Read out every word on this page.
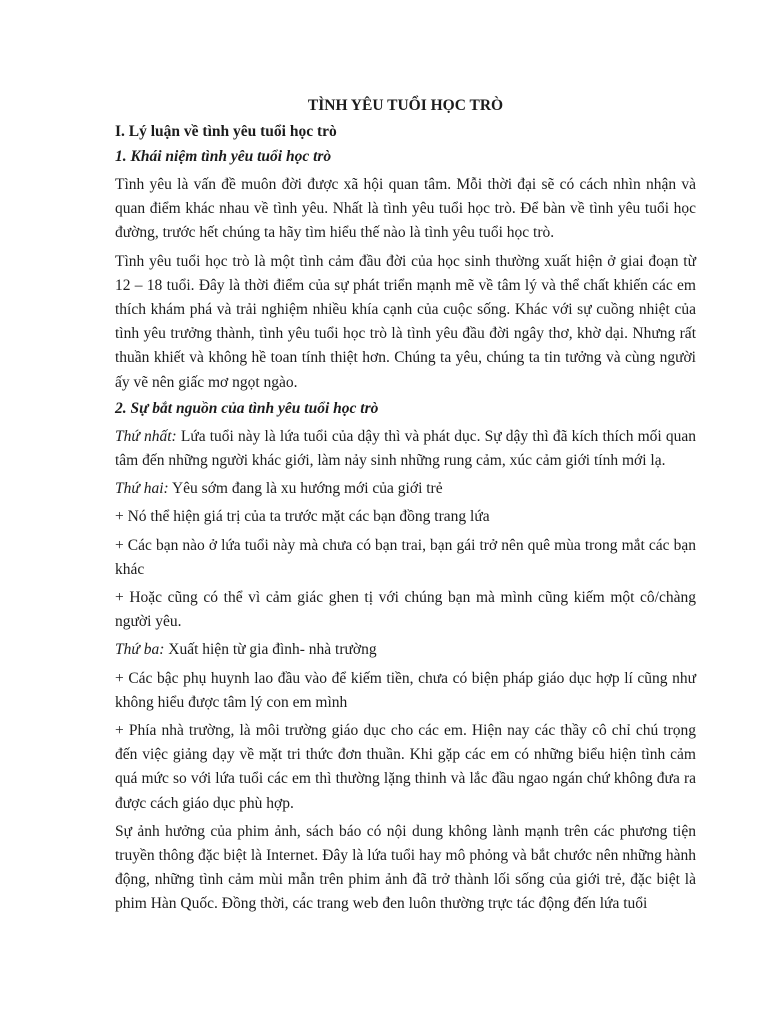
TÌNH YÊU TUỔI HỌC TRÒ
I. Lý luận về tình yêu tuổi học trò
1. Khái niệm tình yêu tuổi học trò

Tình yêu là vấn đề muôn đời được xã hội quan tâm. Mỗi thời đại sẽ có cách nhìn nhận và quan điểm khác nhau về tình yêu. Nhất là tình yêu tuổi học trò. Để bàn về tình yêu tuổi học đường, trước hết chúng ta hãy tìm hiểu thế nào là tình yêu tuổi học trò.

Tình yêu tuổi học trò là một tình cảm đầu đời của học sinh thường xuất hiện ở giai đoạn từ 12 – 18 tuổi. Đây là thời điểm của sự phát triển mạnh mẽ về tâm lý và thể chất khiến các em thích khám phá và trải nghiệm nhiều khía cạnh của cuộc sống. Khác với sự cuồng nhiệt của tình yêu trưởng thành, tình yêu tuổi học trò là tình yêu đầu đời ngây thơ, khờ dại. Nhưng rất thuần khiết và không hề toan tính thiệt hơn. Chúng ta yêu, chúng ta tin tưởng và cùng người ấy vẽ nên giấc mơ ngọt ngào.

2. Sự bắt nguồn của tình yêu tuổi học trò

Thứ nhất: Lứa tuổi này là lứa tuổi của dậy thì và phát dục. Sự dậy thì đã kích thích mối quan tâm đến những người khác giới, làm nảy sinh những rung cảm, xúc cảm giới tính mới lạ.

Thứ hai: Yêu sớm đang là xu hướng mới của giới trẻ

+ Nó thể hiện giá trị của ta trước mặt các bạn đồng trang lứa

+ Các bạn nào ở lứa tuổi này mà chưa có bạn trai, bạn gái trở nên quê mùa trong mắt các bạn khác

+ Hoặc cũng có thể vì cảm giác ghen tị với chúng bạn mà mình cũng kiếm một cô/chàng người yêu.

Thứ ba: Xuất hiện từ gia đình- nhà trường

+ Các bậc phụ huynh lao đầu vào để kiếm tiền, chưa có biện pháp giáo dục hợp lí cũng như không hiểu được tâm lý con em mình

+ Phía nhà trường, là môi trường giáo dục cho các em. Hiện nay các thầy cô chỉ chú trọng đến việc giảng dạy về mặt tri thức đơn thuần. Khi gặp các em có những biểu hiện tình cảm quá mức so với lứa tuổi các em thì thường lặng thinh và lắc đầu ngao ngán chứ không đưa ra được cách giáo dục phù hợp.

Sự ảnh hưởng của phim ảnh, sách báo có nội dung không lành mạnh trên các phương tiện truyền thông đặc biệt là Internet. Đây là lứa tuổi hay mô phỏng và bắt chước nên những hành động, những tình cảm mùi mẫn trên phim ảnh đã trở thành lối sống của giới trẻ, đặc biệt là phim Hàn Quốc. Đồng thời, các trang web đen luôn thường trực tác động đến lứa tuổi
